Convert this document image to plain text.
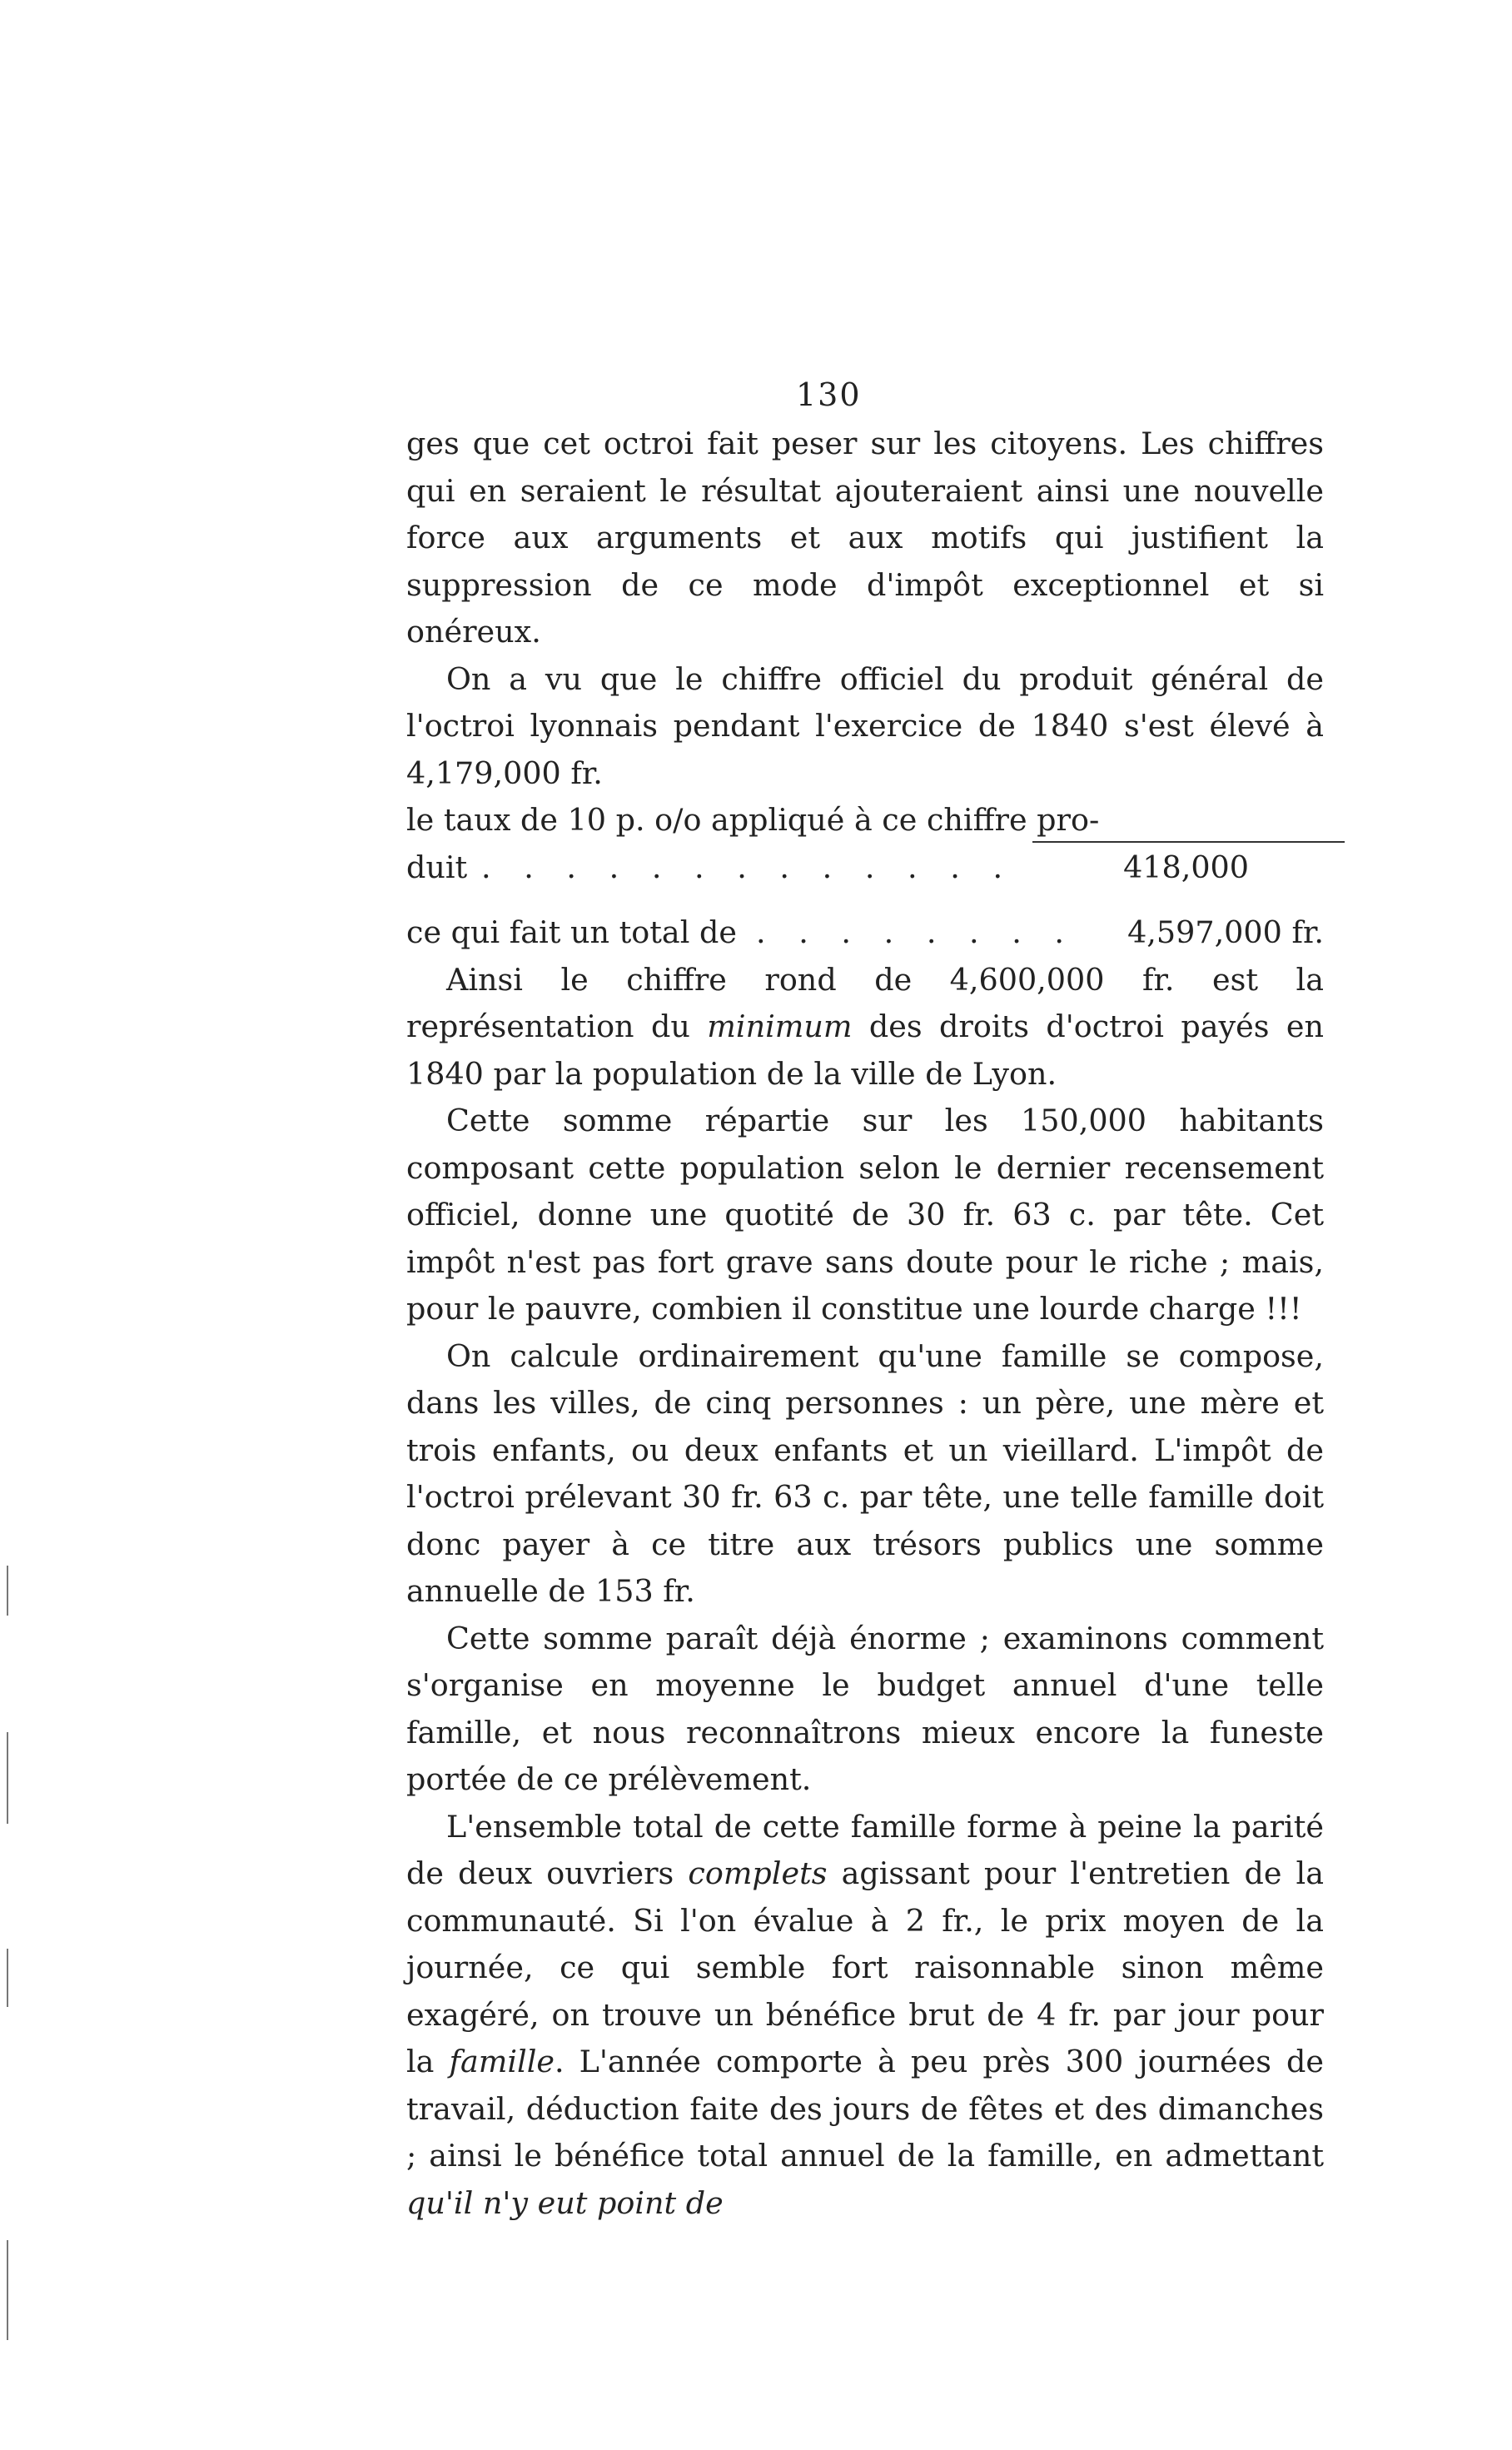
130

ges que cet octroi fait peser sur les citoyens. Les chiffres qui en seraient le résultat ajouteraient ainsi une nouvelle force aux arguments et aux motifs qui justifient la suppression de ce mode d'impôt exceptionnel et si onéreux.

On a vu que le chiffre officiel du produit général de l'octroi lyonnais pendant l'exercice de 1840 s'est élevé à 4,179,000 fr.

le taux de 10 p. o/o appliqué à ce chiffre pro-

duit . . . . . . . . . . . . .	418,000
ce qui fait un total de . . . . . . . . 4,597,000 fr.

Ainsi le chiffre rond de 4,600,000 fr. est la représentation du minimum des droits d'octroi payés en 1840 par la population de la ville de Lyon.

Cette somme répartie sur les 150,000 habitants composant cette population selon le dernier recensement officiel, donne une quotité de 30 fr. 63 c. par tête. Cet impôt n'est pas fort grave sans doute pour le riche ; mais, pour le pauvre, combien il constitue une lourde charge !!!

On calcule ordinairement qu'une famille se compose, dans les villes, de cinq personnes : un père, une mère et trois enfants, ou deux enfants et un vieillard. L'impôt de l'octroi prélevant 30 fr. 63 c. par tête, une telle famille doit donc payer à ce titre aux trésors publics une somme annuelle de 153 fr.

Cette somme paraît déjà énorme ; examinons comment s'organise en moyenne le budget annuel d'une telle famille, et nous reconnaîtrons mieux encore la funeste portée de ce prélèvement.

L'ensemble total de cette famille forme à peine la parité de deux ouvriers complets agissant pour l'entretien de la communauté. Si l'on évalue à 2 fr., le prix moyen de la journée, ce qui semble fort raisonnable sinon même exagéré, on trouve un bénéfice brut de 4 fr. par jour pour la famille. L'année comporte à peu près 300 journées de travail, déduction faite des jours de fêtes et des dimanches ; ainsi le bénéfice total annuel de la famille, en admettant qu'il n'y eut point de
